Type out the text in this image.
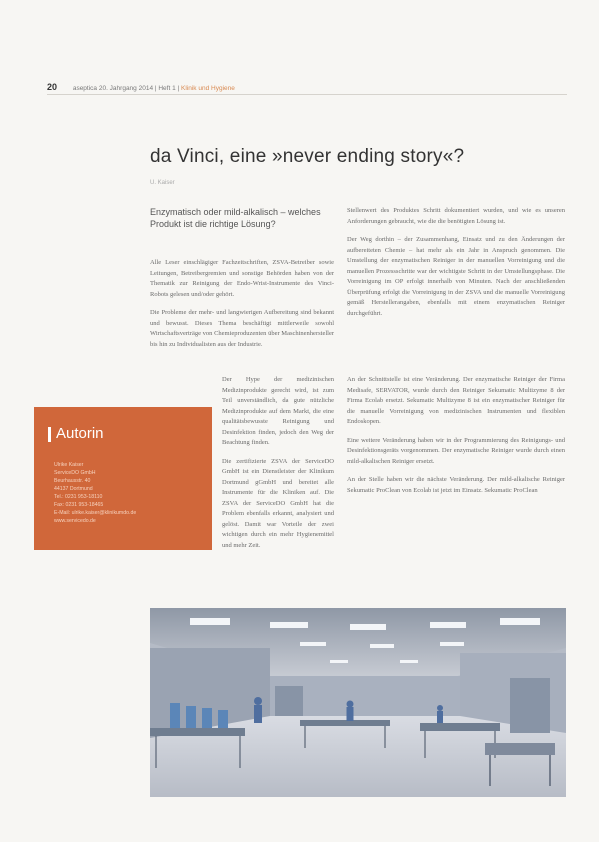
20 aseptica 20. Jahrgang 2014 | Heft 1 | Klinik und Hygiene
da Vinci, eine »never ending story«?
U. Kaiser
Enzymatisch oder mild-alkalisch – welches Produkt ist die richtige Lösung?

Alle Leser einschlägiger Fachzeitschriften, ZSVA-Betreiber sowie Leitungen, Betreibergremien und sonstige Behörden haben von der Thematik zur Reinigung der Endo-Wrist-Instrumente des Vinci-Robots gelesen und/oder gehört.

Die Probleme der mehr- und langwierigen Aufbereitung sind bekannt und bewusst. Dieses Thema beschäftigt mittlerweile sowohl Wirtschaftsverträge von Chemieproduzenten über Maschinenhersteller bis hin zu Individualisten aus der Industrie.

Der Hype der medizinischen Medizinprodukte gerecht wird, ist zum Teil unverständlich, da gute nützliche Medizinprodukte auf dem Markt, die eine qualitätsbewusste Reinigung und Desinfektion finden, jedoch den Weg der Beachtung finden.

Die zertifizierte ZSVA der ServiceDO GmbH ist ein Dienstleister der Klinikum Dortmund gGmbH und bereitet alle Instrumente für die Kliniken auf. Die ZSVA der ServiceDO GmbH hat die Problem ebenfalls erkannt, analysiert und gelöst. Damit war Vorteile der zwei wichtigen durch ein mehr Hygienemittel und mehr Zeit.

Stellenwert des Produktes Schritt dokumentiert wurden, und wie es unseren Anforderungen gebraucht, wie die die benötigten Lösung ist.

Der Weg dorthin – der Zusammenhang, Einsatz und zu den Änderungen der aufbereiteten Chemie – hat mehr als ein Jahr in Anspruch genommen. Die Umstellung der enzymatischen Reiniger in der manuellen Vorreinigung und die manuellen Prozessschritte war der wichtigste Schritt in der Umstellungsphase. Die Vorreinigung im OP erfolgt innerhalb von Minuten. Nach der anschließenden Überprüfung erfolgt die Vorreinigung in der ZSVA und die manuelle Vorreinigung gemäß Herstellerangaben, ebenfalls mit einem enzymatischen Reiniger durchgeführt.

An der Schnittstelle ist eine Veränderung. Der enzymatische Reiniger der Firma Medisafe, SERVATOR, wurde durch den Reiniger Sekumatic Multizyme 8 der Firma Ecolab ersetzt. Sekumatic Multizyme 8 ist ein enzymatischer Reiniger für die manuelle Vorreinigung von medizinischen Instrumenten und flexiblen Endoskopen.

Eine weitere Veränderung haben wir in der Programmierung des Reinigungs- und Desinfektionsgeräts vorgenommen. Der enzymatische Reiniger wurde durch einen mild-alkalischen Reiniger ersetzt.

An der Stelle haben wir die nächste Veränderung. Der mild-alkalische Reiniger Sekumatic ProClean von Ecolab ist jetzt im Einsatz. Sekumatic ProClean

Autorin
Ulrike Kaiser
ServiceDO GmbH
Beurhausstr. 40
44137 Dortmund
Tel.: 0231 953-18110
Fax: 0231 953-18465
E-Mail: ulrike.kaiser@klinikumdo.de
www.servicedo.de
